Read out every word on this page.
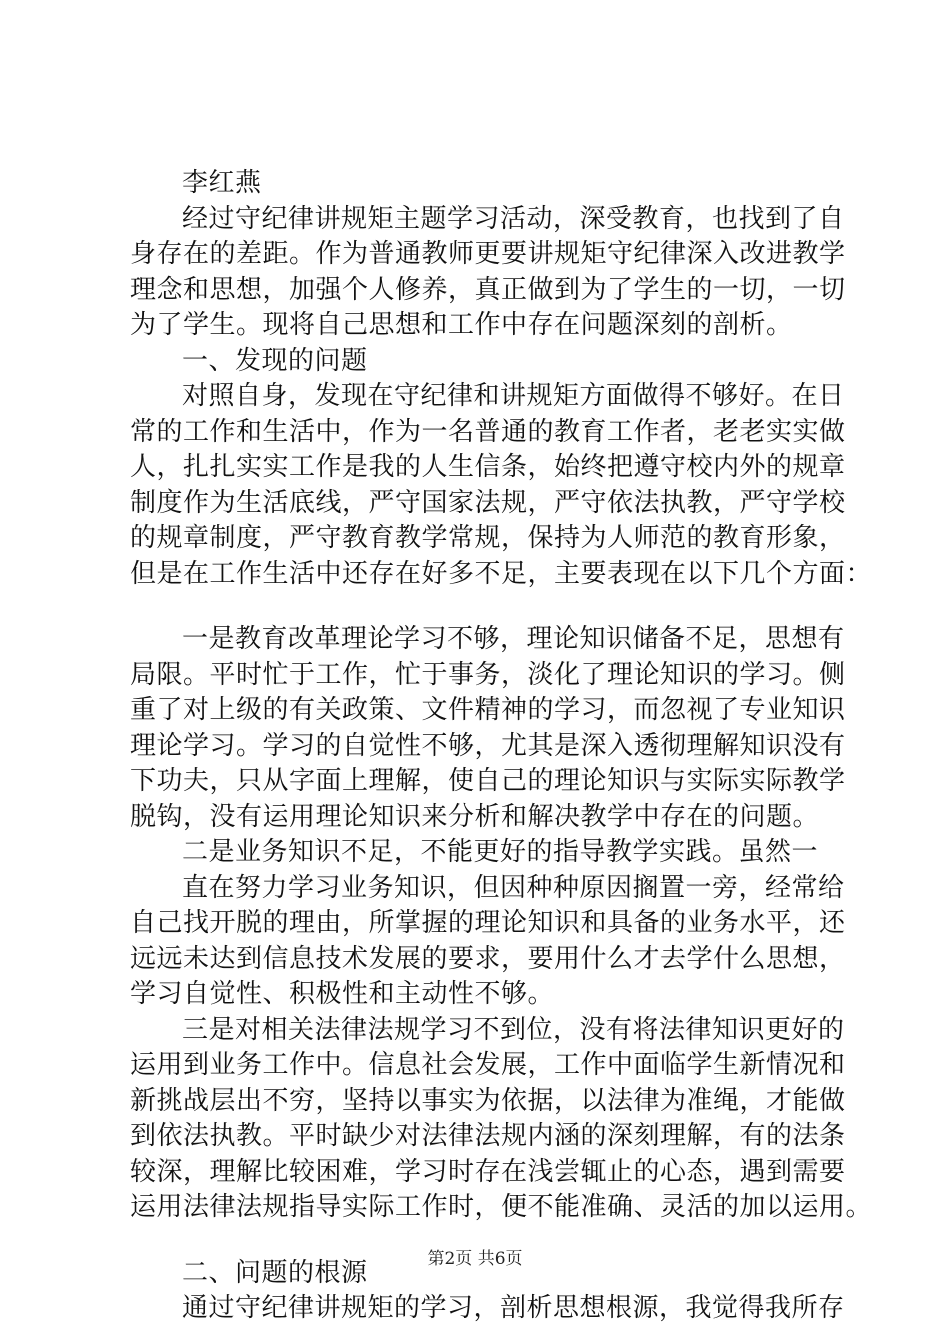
李红燕
经过守纪律讲规矩主题学习活动，深受教育，也找到了自
身存在的差距。作为普通教师更要讲规矩守纪律深入改进教学
理念和思想，加强个人修养，真正做到为了学生的一切，一切
为了学生。现将自己思想和工作中存在问题深刻的剖析。
一、发现的问题
对照自身，发现在守纪律和讲规矩方面做得不够好。在日
常的工作和生活中，作为一名普通的教育工作者，老老实实做
人，扎扎实实工作是我的人生信条，始终把遵守校内外的规章
制度作为生活底线，严守国家法规，严守依法执教，严守学校
的规章制度，严守教育教学常规，保持为人师范的教育形象，
但是在工作生活中还存在好多不足，主要表现在以下几个方面：
一是教育改革理论学习不够，理论知识储备不足，思想有
局限。平时忙于工作，忙于事务，淡化了理论知识的学习。侧
重了对上级的有关政策、文件精神的学习，而忽视了专业知识
理论学习。学习的自觉性不够，尤其是深入透彻理解知识没有
下功夫，只从字面上理解，使自己的理论知识与实际实际教学
脱钩，没有运用理论知识来分析和解决教学中存在的问题。
二是业务知识不足，不能更好的指导教学实践。虽然一
直在努力学习业务知识，但因种种原因搁置一旁，经常给
自己找开脱的理由，所掌握的理论知识和具备的业务水平，还
远远未达到信息技术发展的要求，要用什么才去学什么思想，
学习自觉性、积极性和主动性不够。
三是对相关法律法规学习不到位，没有将法律知识更好的
运用到业务工作中。信息社会发展，工作中面临学生新情况和
新挑战层出不穷，坚持以事实为依据，以法律为准绳，才能做
到依法执教。平时缺少对法律法规内涵的深刻理解，有的法条
较深，理解比较困难，学习时存在浅尝辄止的心态，遇到需要
运用法律法规指导实际工作时，便不能准确、灵活的加以运用。
二、问题的根源
通过守纪律讲规矩的学习，剖析思想根源，我觉得我所存
第2页 共6页
